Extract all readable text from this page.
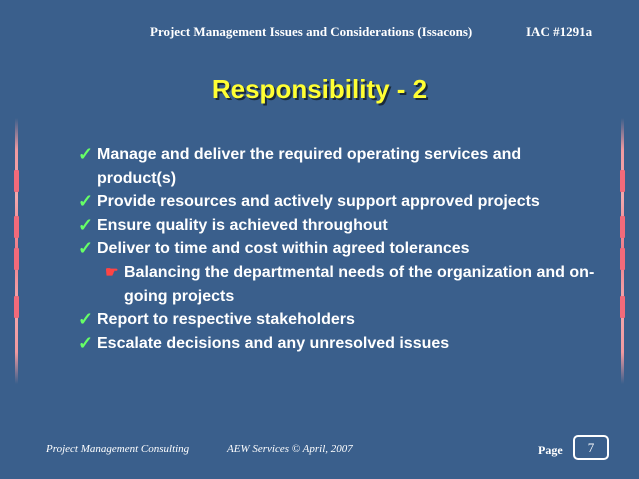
Project Management Issues and Considerations (Issacons)	IAC #1291a
Responsibility - 2
✓ Manage and deliver the required operating services and product(s)
✓ Provide resources and actively support approved projects
✓ Ensure quality is achieved throughout
✓ Deliver to time and cost within agreed tolerances
☛ Balancing the departmental needs of the organization and on-going projects
✓ Report to respective stakeholders
✓ Escalate decisions and any unresolved issues
Project Management Consulting	AEW Services © April, 2007	Page	7
